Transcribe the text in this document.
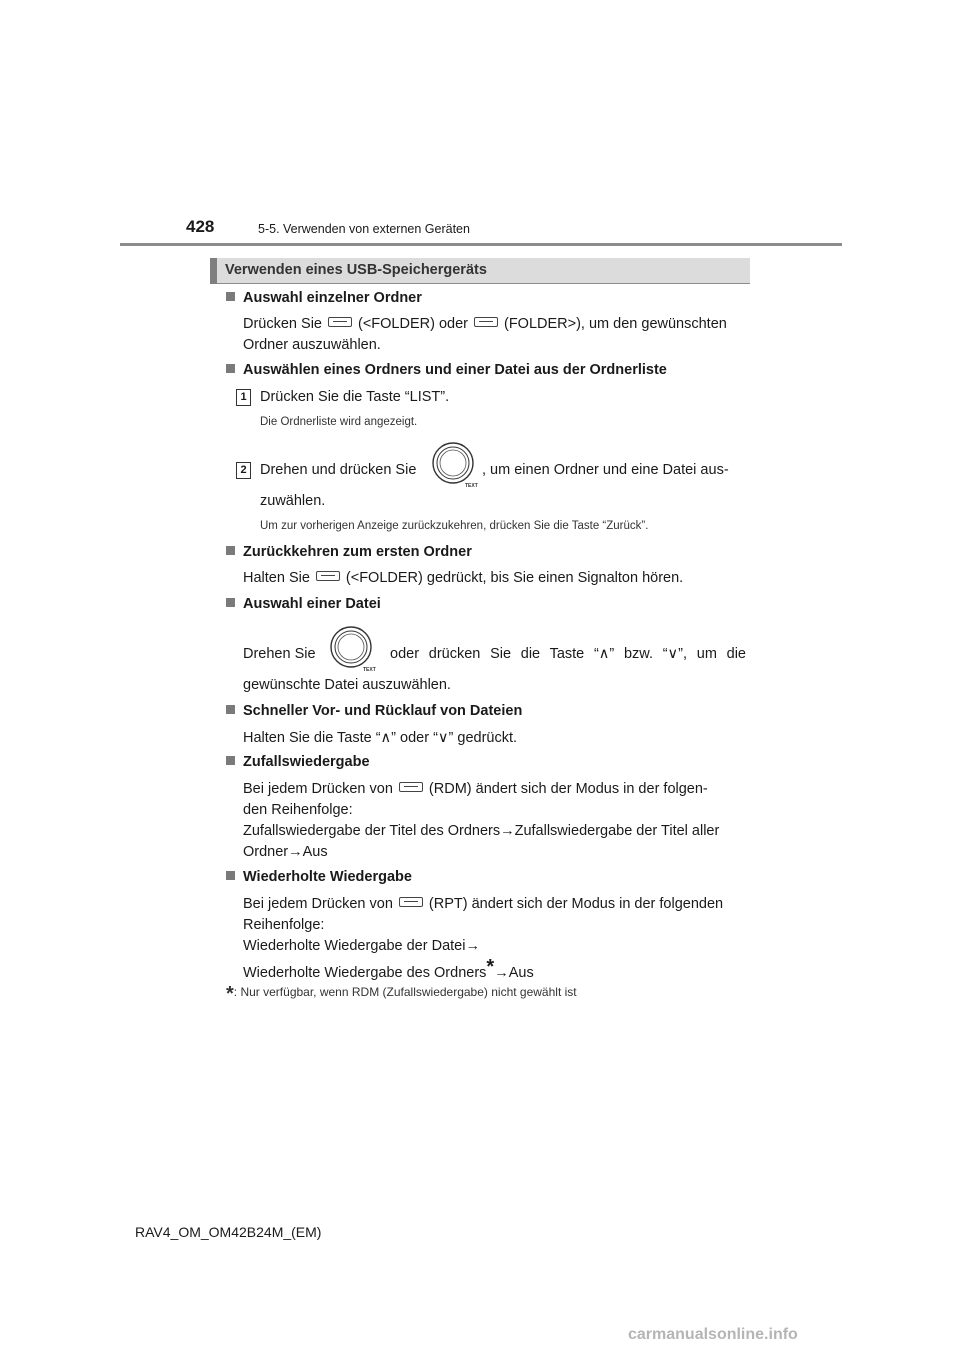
428	5-5. Verwenden von externen Geräten
Verwenden eines USB-Speichergeräts
Auswahl einzelner Ordner
Drücken Sie (<FOLDER) oder (FOLDER>), um den gewünschten
Ordner auszuwählen.
Auswählen eines Ordners und einer Datei aus der Ordnerliste
1 Drücken Sie die Taste “LIST”.
Die Ordnerliste wird angezeigt.
2 Drehen und drücken Sie
TEXT
, um einen Ordner und eine Datei aus-
zuwählen.
Um zur vorherigen Anzeige zurückzukehren, drücken Sie die Taste “Zurück”.
Zurückkehren zum ersten Ordner
Halten Sie (<FOLDER) gedrückt, bis Sie einen Signalton hören.
Auswahl einer Datei
Drehen Sie
TEXT
oder drücken Sie die Taste “∧” bzw. “∨”, um die
gewünschte Datei auszuwählen.
Schneller Vor- und Rücklauf von Dateien
Halten Sie die Taste “∧” oder “∨” gedrückt.
Zufallswiedergabe
Bei jedem Drücken von (RDM) ändert sich der Modus in der folgen-
den Reihenfolge:
Zufallswiedergabe der Titel des Ordners→Zufallswiedergabe der Titel aller
Ordner→Aus
Wiederholte Wiedergabe
Bei jedem Drücken von (RPT) ändert sich der Modus in der folgenden
Reihenfolge:
Wiederholte Wiedergabe der Datei→
Wiederholte Wiedergabe des Ordners*→Aus
*: Nur verfügbar, wenn RDM (Zufallswiedergabe) nicht gewählt ist
RAV4_OM_OM42B24M_(EM)
carmanualsonline.info
